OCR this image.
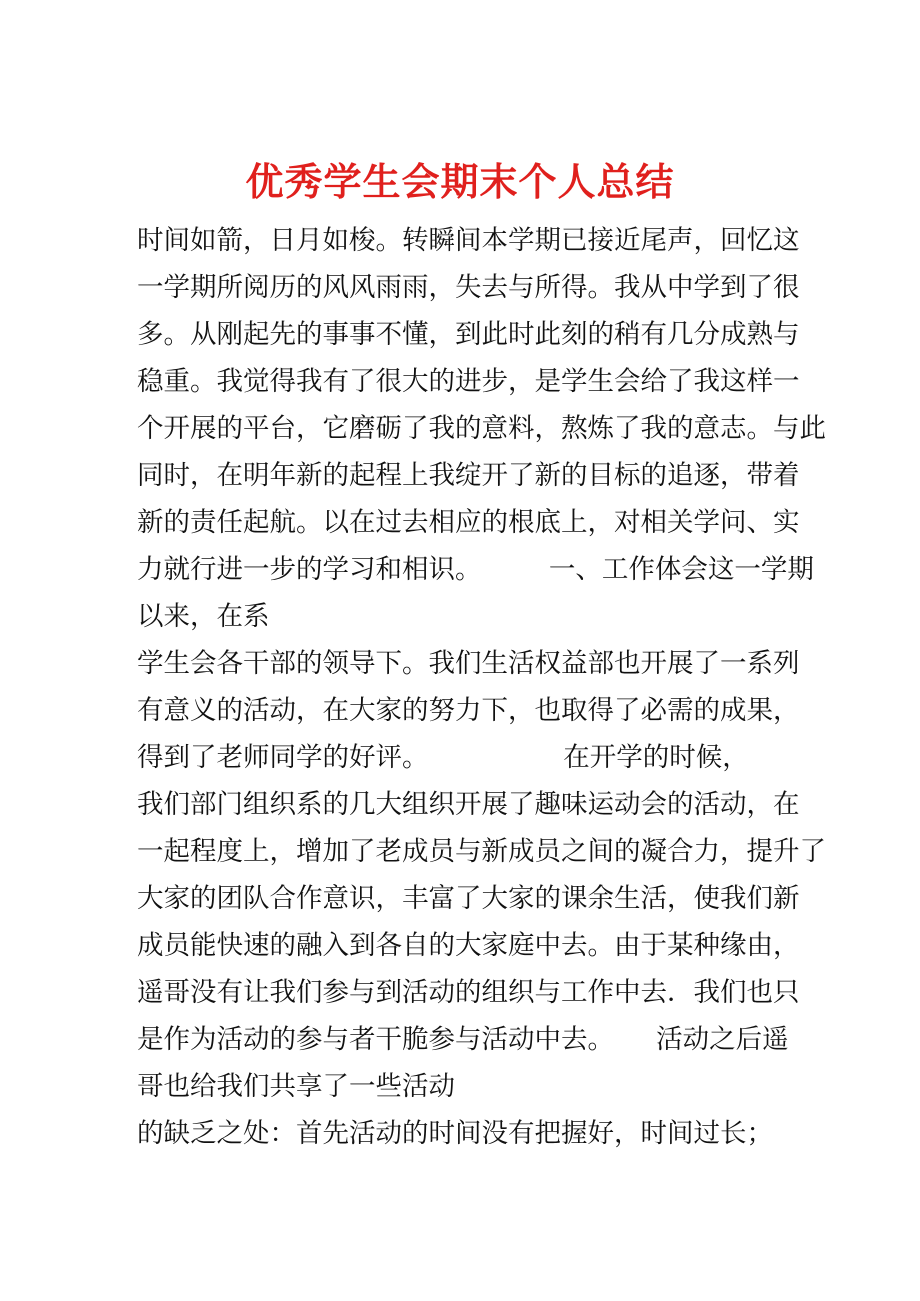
优秀学生会期末个人总结

时间如箭，日月如梭。转瞬间本学期已接近尾声，回忆这

一学期所阅历的风风雨雨，失去与所得。我从中学到了很

多。从刚起先的事事不懂，到此时此刻的稍有几分成熟与

稳重。我觉得我有了很大的进步，是学生会给了我这样一

个开展的平台，它磨砺了我的意料，熬炼了我的意志。与此

同时，在明年新的起程上我绽开了新的目标的追逐，带着

新的责任起航。以在过去相应的根底上，对相关学问、实

力就行进一步的学习和相识。        一、工作体会这一学期

以来，在系

学生会各干部的领导下。我们生活权益部也开展了一系列

有意义的活动，在大家的努力下，也取得了必需的成果，

得到了老师同学的好评。                在开学的时候，

我们部门组织系的几大组织开展了趣味运动会的活动，在

一起程度上，增加了老成员与新成员之间的凝合力，提升了

大家的团队合作意识，丰富了大家的课余生活，使我们新

成员能快速的融入到各自的大家庭中去。由于某种缘由，

遥哥没有让我们参与到活动的组织与工作中去．我们也只

是作为活动的参与者干脆参与活动中去。     活动之后遥

哥也给我们共享了一些活动

的缺乏之处：首先活动的时间没有把握好，时间过长；
